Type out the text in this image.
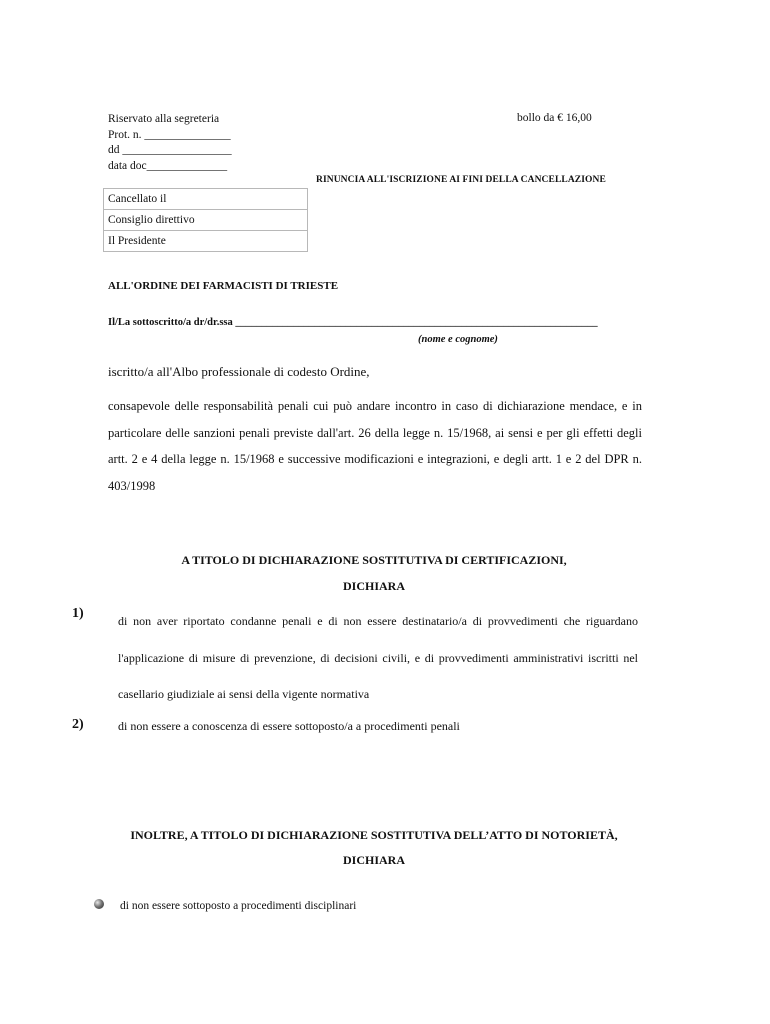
Riservato alla segreteria
Prot. n. _______________
dd ___________________
data doc______________
bollo da € 16,00
RINUNCIA ALL'ISCRIZIONE AI FINI DELLA CANCELLAZIONE
Cancellato il
Consiglio direttivo
Il Presidente
ALL'ORDINE DEI FARMACISTI DI TRIESTE
Il/La sottoscritto/a dr/dr.ssa _____________________________________________________________________
(nome e cognome)
iscritto/a all'Albo professionale di codesto Ordine,
consapevole delle responsabilità penali cui può andare incontro in caso di dichiarazione mendace, e in particolare delle sanzioni penali previste dall'art. 26 della legge n. 15/1968, ai sensi e per gli effetti degli artt. 2 e 4 della legge n. 15/1968 e successive modificazioni e integrazioni, e degli artt. 1 e 2 del DPR n. 403/1998
A TITOLO DI DICHIARAZIONE SOSTITUTIVA DI CERTIFICAZIONI,
DICHIARA
1)	di non aver riportato condanne penali e di non essere destinatario/a di provvedimenti che riguardano l'applicazione di misure di prevenzione, di decisioni civili, e di provvedimenti amministrativi iscritti nel casellario giudiziale ai sensi della vigente normativa
2)	di non essere a conoscenza di essere sottoposto/a a procedimenti penali
INOLTRE, A TITOLO DI DICHIARAZIONE SOSTITUTIVA DELL’ATTO DI NOTORIETÀ,
DICHIARA
di non essere sottoposto a procedimenti disciplinari
